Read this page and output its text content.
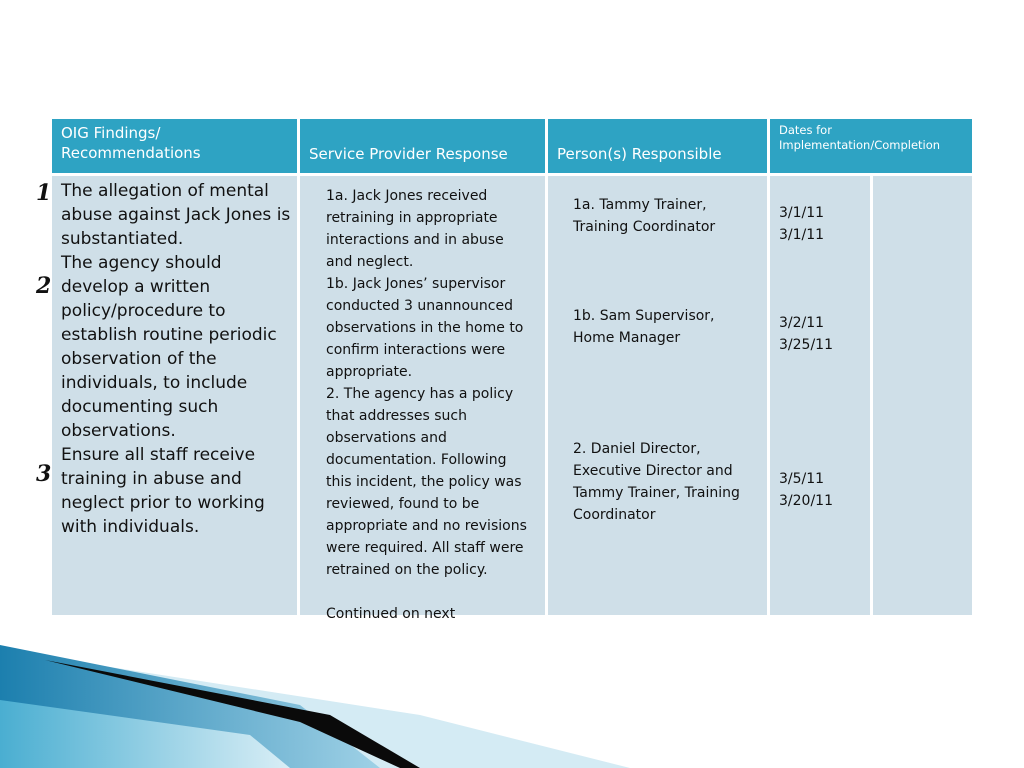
1
2
3
OIG Findings/ Recommendations	Service Provider Response	Person(s) Responsible
Dates for Implementation/Completion
The allegation of mental abuse against Jack Jones is substantiated.
The agency should develop a written policy/procedure to establish routine periodic observation of the individuals, to include documenting such observations.
Ensure all staff receive training in abuse and neglect prior to working with individuals.
1a. Jack Jones received retraining in appropriate interactions and in abuse and neglect.
1b. Jack Jones’ supervisor conducted 3 unannounced observations in the home to confirm interactions were appropriate.
2. The agency has a policy that addresses such observations and documentation. Following this incident, the policy was reviewed, found to be appropriate and no revisions were required. All staff were retrained on the policy.

Continued on next
1a. Tammy Trainer, Training Coordinator
1b. Sam Supervisor, Home Manager
2. Daniel Director, Executive Director and Tammy Trainer, Training Coordinator
3/1/11
3/1/11
3/2/11
3/25/11
3/5/11
3/20/11
